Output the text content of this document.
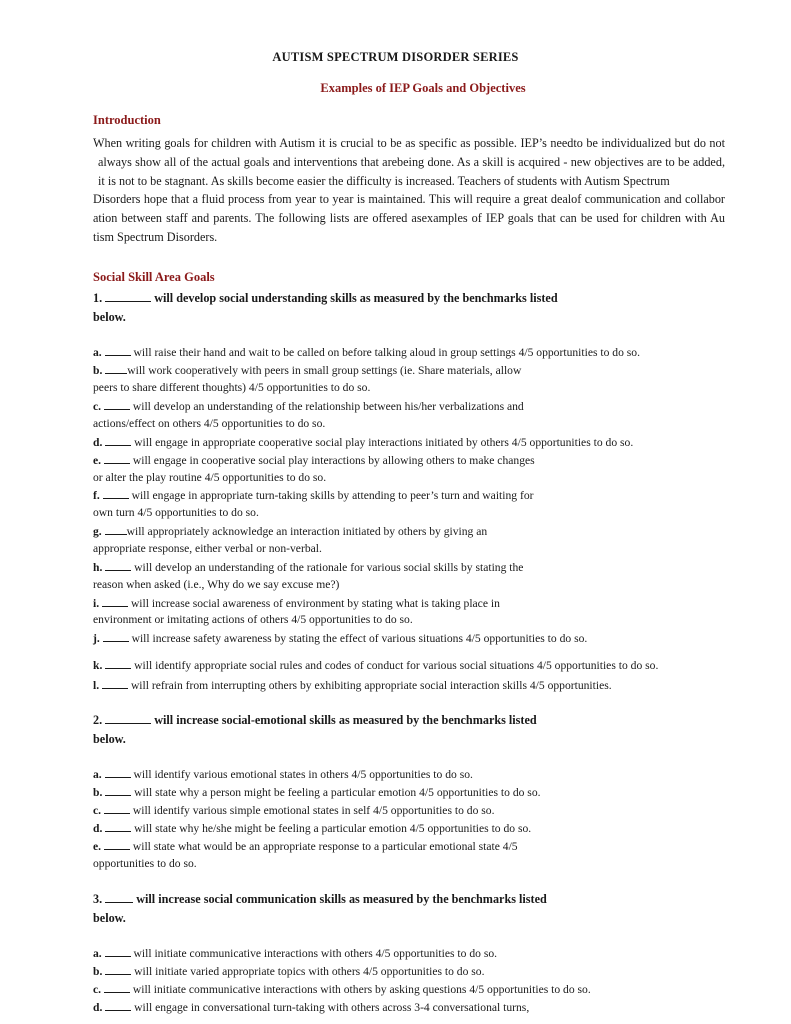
AUTISM SPECTRUM DISORDER SERIES
Examples of IEP Goals and Objectives
Introduction
When writing goals for children with Autism it is crucial to be as specific as possible. IEP’s needto be individualized but do not
always show all of the actual goals and interventions that arebeing done. As a skill is acquired - new objectives are to be added,
it is not to be stagnant. As skills become easier the difficulty is increased. Teachers of students with Autism Spectrum
Disorders hope that a fluid process from year to year is maintained. This will require a great dealof communication and collabor
ation between staff and parents. The following lists are offered asexamples of IEP goals that can be used for children with Au
tism Spectrum Disorders.
Social Skill Area Goals
1.	will develop social understanding skills as measured by the benchmarks listed
below.
a.	will raise their hand and wait to be called on before talking aloud in group settings 4/5 opportunities to do so.
b. will work cooperatively with peers in small group settings (ie. Share materials, allow
peers to share different thoughts) 4/5 opportunities to do so.
c.	will develop an understanding of the relationship between his/her verbalizations and
actions/effect on others 4/5 opportunities to do so.
d.	will engage in appropriate cooperative social play interactions initiated by others 4/5 opportunities to do so.
e.	will engage in cooperative social play interactions by allowing others to make changes
or alter the play routine 4/5 opportunities to do so.
f.	will engage in appropriate turn-taking skills by attending to peer’s turn and waiting for
own turn 4/5 opportunities to do so.
g. will appropriately acknowledge an interaction initiated by others by giving an
appropriate response, either verbal or non-verbal.
h.	will develop an understanding of the rationale for various social skills by stating the
reason when asked (i.e., Why do we say excuse me?)
i.	will increase social awareness of environment by stating what is taking place in
environment or imitating actions of others 4/5 opportunities to do so.
j.	will increase safety awareness by stating the effect of various situations 4/5 opportunities to do so.
k.	will identify appropriate social rules and codes of conduct for various social situations 4/5 opportunities to do so.
l.	will refrain from interrupting others by exhibiting appropriate social interaction skills 4/5 opportunities.
2.	will increase social-emotional skills as measured by the benchmarks listed
below.
a.	will identify various emotional states in others 4/5 opportunities to do so.
b.	will state why a person might be feeling a particular emotion 4/5 opportunities to do so.
c.	will identify various simple emotional states in self 4/5 opportunities to do so.
d.	will state why he/she might be feeling a particular emotion 4/5 opportunities to do so.
e.	will state what would be an appropriate response to a particular emotional state 4/5
opportunities to do so.
3.	will increase social communication skills as measured by the benchmarks listed
below.
a.	will initiate communicative interactions with others 4/5 opportunities to do so.
b.	will initiate varied appropriate topics with others 4/5 opportunities to do so.
c.	will initiate communicative interactions with others by asking questions 4/5 opportunities to do so.
d.	will engage in conversational turn-taking with others across 3-4 conversational turns,
